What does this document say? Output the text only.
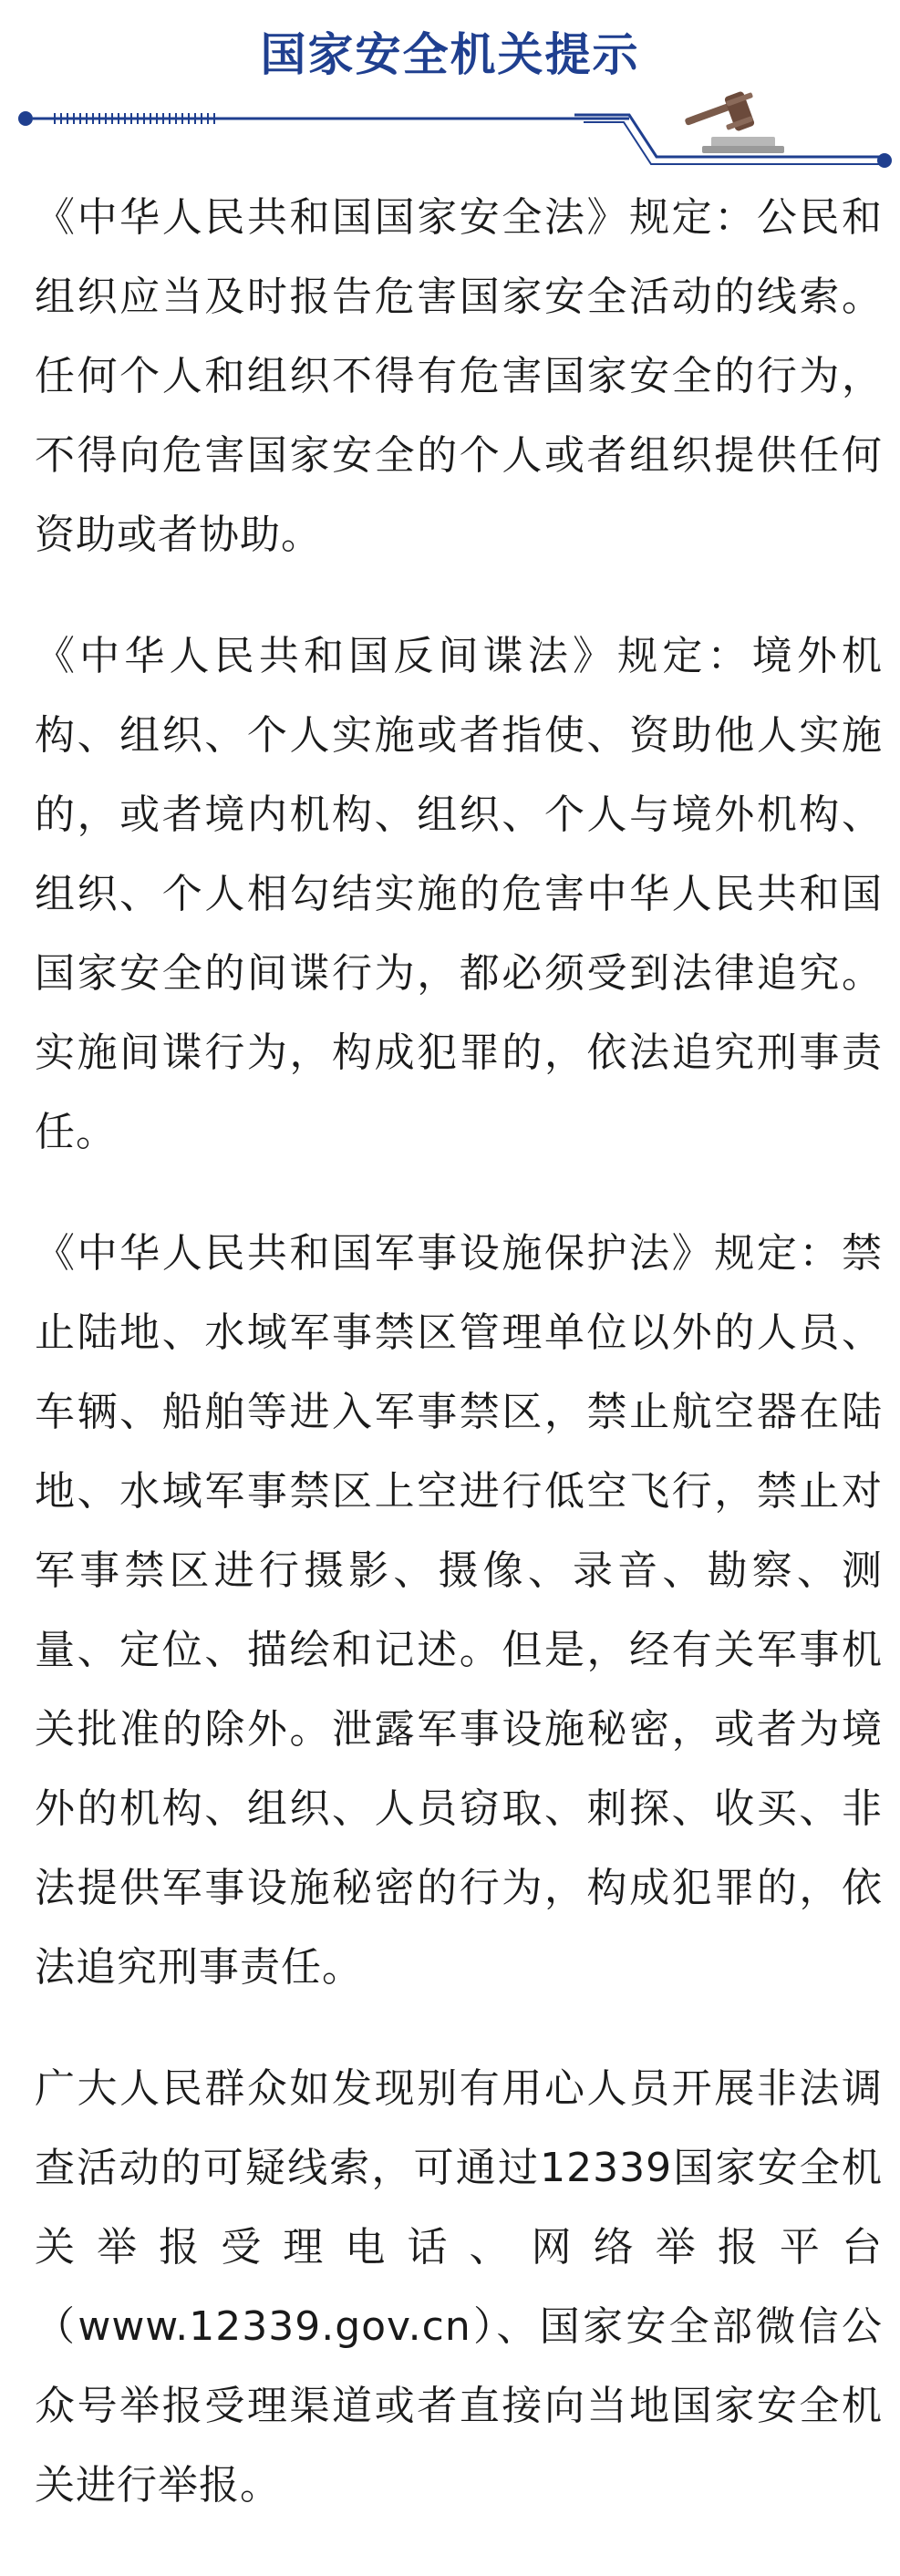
国家安全机关提示

《中华人民共和国国家安全法》规定：公民和组织应当及时报告危害国家安全活动的线索。任何个人和组织不得有危害国家安全的行为，不得向危害国家安全的个人或者组织提供任何资助或者协助。

《中华人民共和国反间谍法》规定：境外机构、组织、个人实施或者指使、资助他人实施的，或者境内机构、组织、个人与境外机构、组织、个人相勾结实施的危害中华人民共和国国家安全的间谍行为，都必须受到法律追究。实施间谍行为，构成犯罪的，依法追究刑事责任。

《中华人民共和国军事设施保护法》规定：禁止陆地、水域军事禁区管理单位以外的人员、车辆、船舶等进入军事禁区，禁止航空器在陆地、水域军事禁区上空进行低空飞行，禁止对军事禁区进行摄影、摄像、录音、勘察、测量、定位、描绘和记述。但是，经有关军事机关批准的除外。泄露军事设施秘密，或者为境外的机构、组织、人员窃取、刺探、收买、非法提供军事设施秘密的行为，构成犯罪的，依法追究刑事责任。

广大人民群众如发现别有用心人员开展非法调查活动的可疑线索，可通过12339国家安全机关举报受理电话、网络举报平台（www.12339.gov.cn）、国家安全部微信公众号举报受理渠道或者直接向当地国家安全机关进行举报。
